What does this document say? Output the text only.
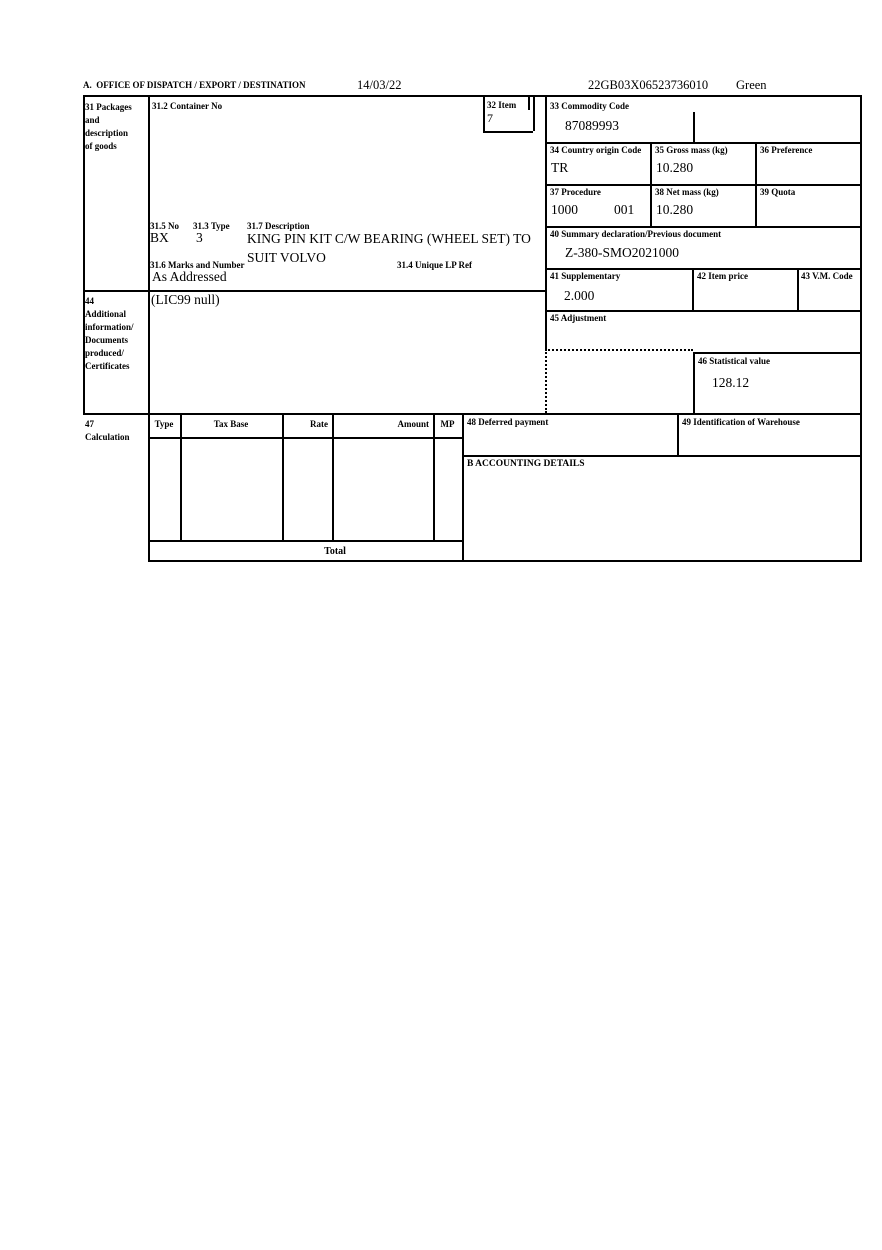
A.  OFFICE OF DISPATCH / EXPORT / DESTINATION	14/03/22	22GB03X06523736010 Green
31 Packages
and
description
of goods
31.2 Container No	32 Item
7
33 Commodity Code
87089993
34 Country origin Code
TR
35 Gross mass (kg)
10.280
36 Preference
37 Procedure
1000	001
38 Net mass (kg)
10.280
39 Quota
31.5 No 31.3 Type 31.7 Description
BX 3	KING PIN KIT C/W BEARING (WHEEL SET) TO SUIT VOLVO
31.6 Marks and Number	31.4 Unique LP Ref
As Addressed
40 Summary declaration/Previous document
Z-380-SMO2021000
41 Supplementary
2.000
42 Item price	43 V.M. Code
45 Adjustment
46 Statistical value
128.12
44
Additional
information/
Documents
produced/
Certificates
(LIC99 null)
47
Calculation
Type	Tax Base	Rate	Amount	MP
Total
48 Deferred payment	49 Identification of Warehouse
B ACCOUNTING DETAILS
